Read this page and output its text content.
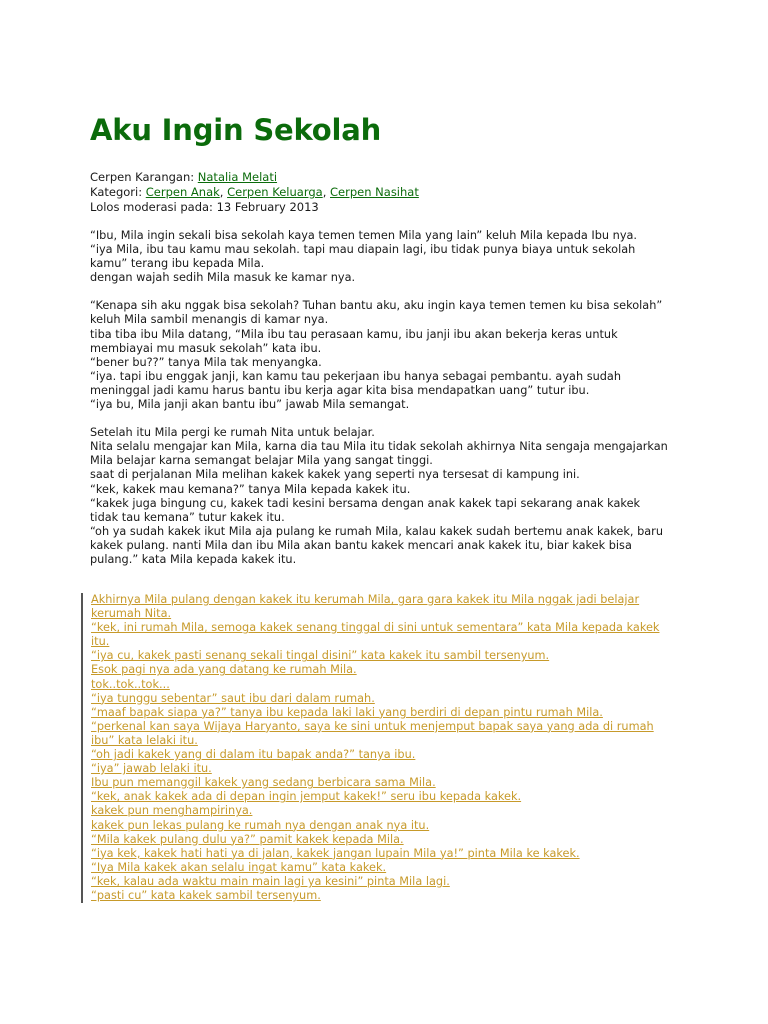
Aku Ingin Sekolah
Cerpen Karangan: Natalia Melati
Kategori: Cerpen Anak, Cerpen Keluarga, Cerpen Nasihat
Lolos moderasi pada: 13 February 2013
“Ibu, Mila ingin sekali bisa sekolah kaya temen temen Mila yang lain” keluh Mila kepada Ibu nya.
“iya Mila, ibu tau kamu mau sekolah. tapi mau diapain lagi, ibu tidak punya biaya untuk sekolah
kamu” terang ibu kepada Mila.
dengan wajah sedih Mila masuk ke kamar nya.
“Kenapa sih aku nggak bisa sekolah? Tuhan bantu aku, aku ingin kaya temen temen ku bisa sekolah”
keluh Mila sambil menangis di kamar nya.
tiba tiba ibu Mila datang, “Mila ibu tau perasaan kamu, ibu janji ibu akan bekerja keras untuk
membiayai mu masuk sekolah” kata ibu.
“bener bu??” tanya Mila tak menyangka.
“iya. tapi ibu enggak janji, kan kamu tau pekerjaan ibu hanya sebagai pembantu. ayah sudah
meninggal jadi kamu harus bantu ibu kerja agar kita bisa mendapatkan uang” tutur ibu.
“iya bu, Mila janji akan bantu ibu” jawab Mila semangat.
Setelah itu Mila pergi ke rumah Nita untuk belajar.
Nita selalu mengajar kan Mila, karna dia tau Mila itu tidak sekolah akhirnya Nita sengaja mengajarkan
Mila belajar karna semangat belajar Mila yang sangat tinggi.
saat di perjalanan Mila melihan kakek kakek yang seperti nya tersesat di kampung ini.
“kek, kakek mau kemana?” tanya Mila kepada kakek itu.
“kakek juga bingung cu, kakek tadi kesini bersama dengan anak kakek tapi sekarang anak kakek
tidak tau kemana” tutur kakek itu.
“oh ya sudah kakek ikut Mila aja pulang ke rumah Mila, kalau kakek sudah bertemu anak kakek, baru
kakek pulang. nanti Mila dan ibu Mila akan bantu kakek mencari anak kakek itu, biar kakek bisa
pulang.” kata Mila kepada kakek itu.
Akhirnya Mila pulang dengan kakek itu kerumah Mila, gara gara kakek itu Mila nggak jadi belajar
kerumah Nita.
“kek, ini rumah Mila, semoga kakek senang tinggal di sini untuk sementara” kata Mila kepada kakek
itu.
“iya cu, kakek pasti senang sekali tingal disini” kata kakek itu sambil tersenyum.
Esok pagi nya ada yang datang ke rumah Mila.
tok..tok..tok...
“iya tunggu sebentar” saut ibu dari dalam rumah.
“maaf bapak siapa ya?” tanya ibu kepada laki laki yang berdiri di depan pintu rumah Mila.
“perkenal kan saya Wijaya Haryanto, saya ke sini untuk menjemput bapak saya yang ada di rumah
ibu” kata lelaki itu.
“oh jadi kakek yang di dalam itu bapak anda?” tanya ibu.
“iya” jawab lelaki itu.
Ibu pun memanggil kakek yang sedang berbicara sama Mila.
“kek, anak kakek ada di depan ingin jemput kakek!” seru ibu kepada kakek.
kakek pun menghampirinya.
kakek pun lekas pulang ke rumah nya dengan anak nya itu.
“Mila kakek pulang dulu ya?” pamit kakek kepada Mila.
“iya kek, kakek hati hati ya di jalan, kakek jangan lupain Mila ya!” pinta Mila ke kakek.
“Iya Mila kakek akan selalu ingat kamu” kata kakek.
“kek, kalau ada waktu main main lagi ya kesini” pinta Mila lagi.
“pasti cu” kata kakek sambil tersenyum.
